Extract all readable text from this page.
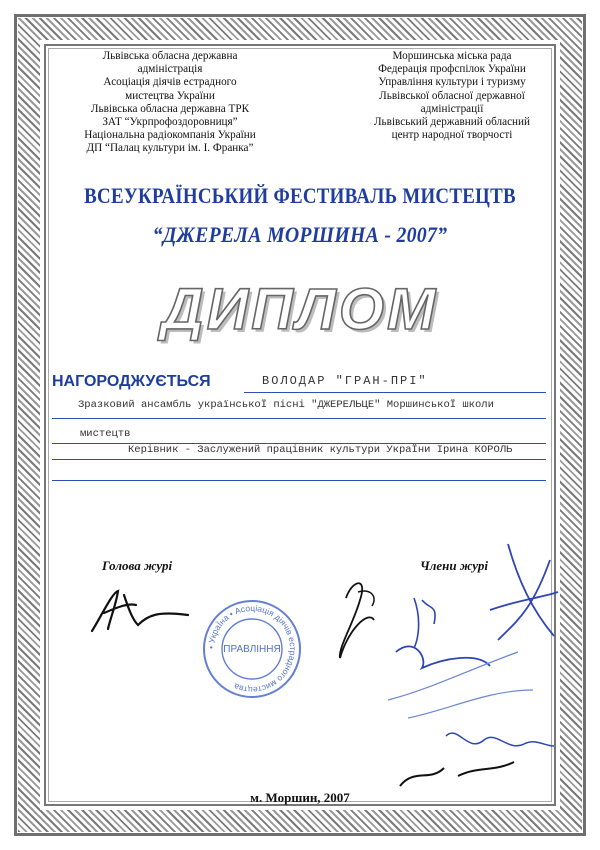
Львівська обласна державна
адміністрація
Асоціація діячів естрадного
мистецтва України
Львівська обласна державна ТРК
ЗАТ “Укрпрофоздоровниця”
Національна радіокомпанія України
ДП “Палац культури ім. І. Франка”
Моршинська міська рада
Федерація профспілок України
Управління культури і туризму
Львівської обласної державної
адміністрації
Львівський державний обласний
центр народної творчості
ВСЕУКРАЇНСЬКИЙ ФЕСТИВАЛЬ МИСТЕЦТВ
“ДЖЕРЕЛА МОРШИНА - 2007”
ДИПЛОМ
НАГОРОДЖУЄТЬСЯ	ВОЛОДАР "ГРАН-ПРІ"
Зразковий ансамбль українськоЇ пісні "ДЖЕРЕЛЬЦЕ" МоршинськоЇ школи
мистецтв
Керівник - Заслужений працівник культури УкраЇни Ірина КОРОЛЬ
Голова журі	Члени журі
• УкраЇна • Асоціація діячів естрадного мистецтва
ПРАВЛІННЯ
м. Моршин, 2007
